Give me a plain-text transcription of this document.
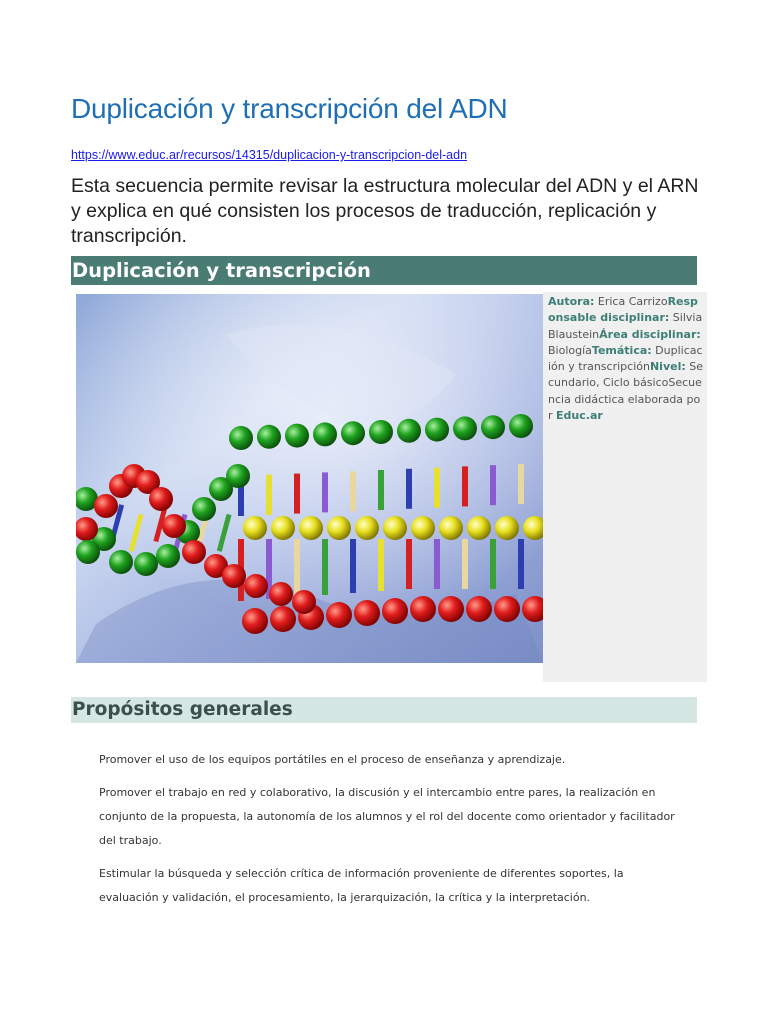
Duplicación y transcripción del ADN
https://www.educ.ar/recursos/14315/duplicacion-y-transcripcion-del-adn

Esta secuencia permite revisar la estructura molecular del ADN y el ARN y explica en qué consisten los procesos de traducción, replicación y transcripción.

Duplicación y transcripción
Autora: Erica CarrizoResponsable disciplinar: Silvia BlausteinÁrea disciplinar: BiologíaTemática: Duplicación y transcripciónNivel: Secundario, Ciclo básicoSecuencia didáctica elaborada por Educ.ar
Propósitos generales

Promover el uso de los equipos portátiles en el proceso de enseñanza y aprendizaje.

Promover el trabajo en red y colaborativo, la discusión y el intercambio entre pares, la realización en conjunto de la propuesta, la autonomía de los alumnos y el rol del docente como orientador y facilitador del trabajo.

Estimular la búsqueda y selección crítica de información proveniente de diferentes soportes, la evaluación y validación, el procesamiento, la jerarquización, la crítica y la interpretación.
